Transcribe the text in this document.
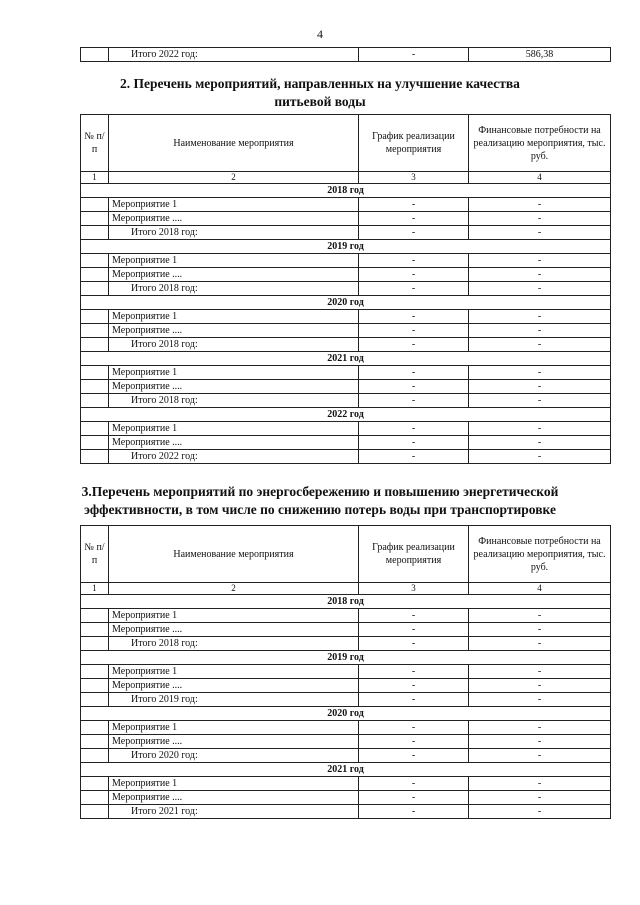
4
	Итого 2022 год:	-	586,38
2. Перечень мероприятий, направленных на улучшение качества
питьевой воды
№ п/п	Наименование мероприятия	График реализации мероприятия	Финансовые потребности на реализацию мероприятия, тыс. руб.
1	2	3	4
2018 год			
	Мероприятие 1	-	-
	Мероприятие ....	-	-
	Итого 2018 год:	-	-
2019 год			
	Мероприятие 1	-	-
	Мероприятие ....	-	-
	Итого 2018 год:	-	-
2020 год			
	Мероприятие 1	-	-
	Мероприятие ....	-	-
	Итого 2018 год:	-	-
2021 год			
	Мероприятие 1	-	-
	Мероприятие ....	-	-
	Итого 2018 год:	-	-
2022 год			
	Мероприятие 1	-	-
	Мероприятие ....	-	-
	Итого 2022 год:	-	-
3.Перечень мероприятий по энергосбережению и повышению энергетической
эффективности, в том числе по снижению потерь воды при транспортировке
№ п/п	Наименование мероприятия	График реализации мероприятия	Финансовые потребности на реализацию мероприятия, тыс. руб.
1	2	3	4
2018 год			
	Мероприятие 1	-	-
	Мероприятие ....	-	-
	Итого 2018 год:	-	-
2019 год			
	Мероприятие 1	-	-
	Мероприятие ....	-	-
	Итого 2019 год:	-	-
2020 год			
	Мероприятие 1	-	-
	Мероприятие ....	-	-
	Итого 2020 год:	-	-
2021 год			
	Мероприятие 1	-	-
	Мероприятие ....	-	-
	Итого 2021 год:	-	-
